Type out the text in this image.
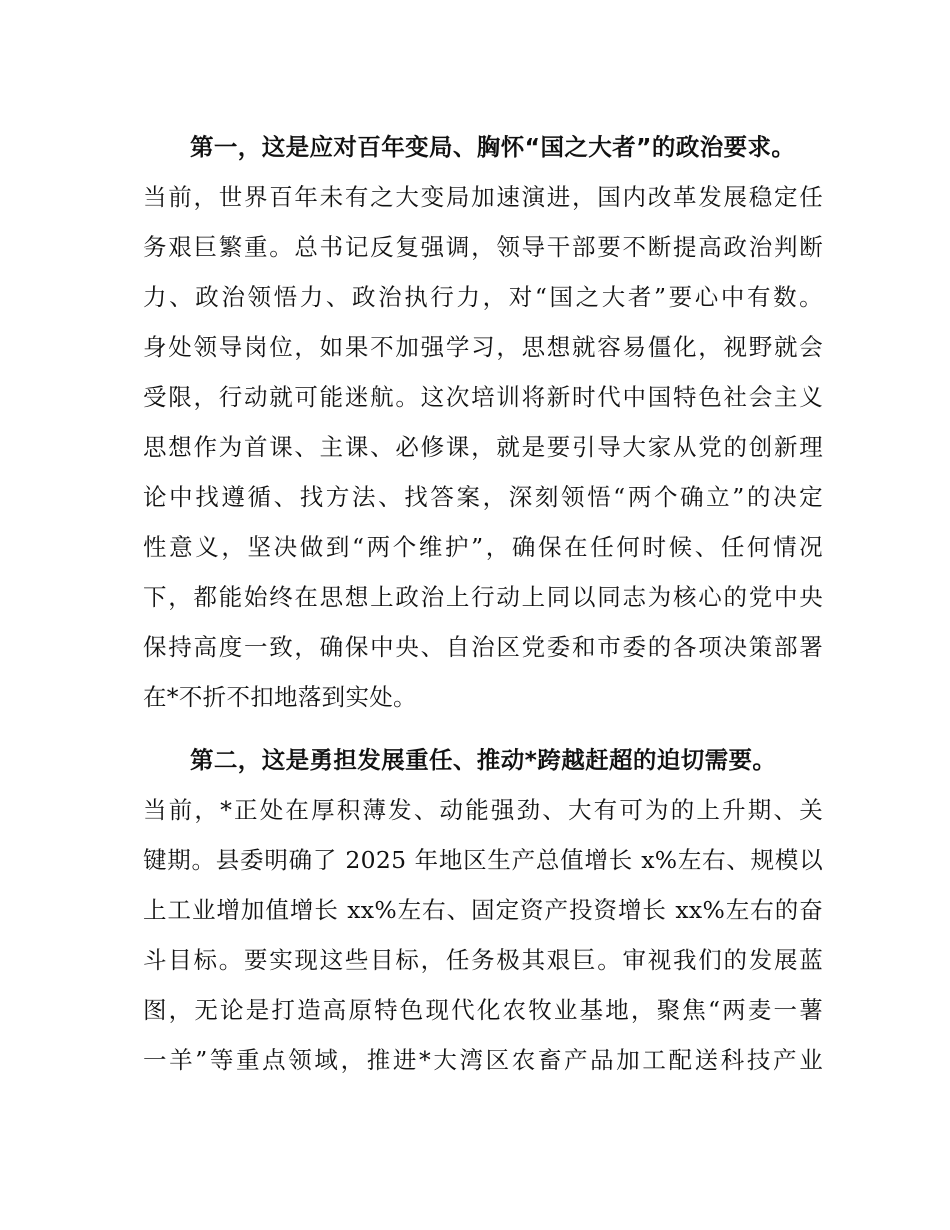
第一，这是应对百年变局、胸怀“国之大者”的政治要求。
当前，世界百年未有之大变局加速演进，国内改革发展稳定任
务艰巨繁重。总书记反复强调，领导干部要不断提高政治判断
力、政治领悟力、政治执行力，对“国之大者”要心中有数。
身处领导岗位，如果不加强学习，思想就容易僵化，视野就会
受限，行动就可能迷航。这次培训将新时代中国特色社会主义
思想作为首课、主课、必修课，就是要引导大家从党的创新理
论中找遵循、找方法、找答案，深刻领悟“两个确立”的决定
性意义，坚决做到“两个维护”，确保在任何时候、任何情况
下，都能始终在思想上政治上行动上同以同志为核心的党中央
保持高度一致，确保中央、自治区党委和市委的各项决策部署
在*不折不扣地落到实处。
第二，这是勇担发展重任、推动*跨越赶超的迫切需要。
当前，*正处在厚积薄发、动能强劲、大有可为的上升期、关
键期。县委明确了 2025 年地区生产总值增长 x%左右、规模以
上工业增加值增长 xx%左右、固定资产投资增长 xx%左右的奋
斗目标。要实现这些目标，任务极其艰巨。审视我们的发展蓝
图，无论是打造高原特色现代化农牧业基地，聚焦“两麦一薯
一羊”等重点领域，推进*大湾区农畜产品加工配送科技产业
